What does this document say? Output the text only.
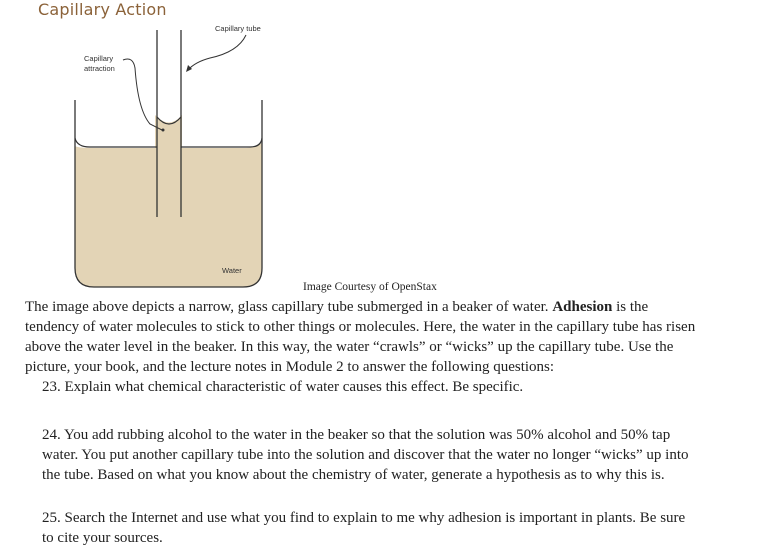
Capillary Action
Capillary tube
Capillary
attraction
Water
Image Courtesy of OpenStax
The image above depicts a narrow, glass capillary tube submerged in a beaker of water. Adhesion is the
tendency of water molecules to stick to other things or molecules. Here, the water in the capillary tube has risen
above the water level in the beaker. In this way, the water “crawls” or “wicks” up the capillary tube. Use the
picture, your book, and the lecture notes in Module 2 to answer the following questions:
23. Explain what chemical characteristic of water causes this effect. Be specific.
24. You add rubbing alcohol to the water in the beaker so that the solution was 50% alcohol and 50% tap
water. You put another capillary tube into the solution and discover that the water no longer “wicks” up into
the tube. Based on what you know about the chemistry of water, generate a hypothesis as to why this is.
25. Search the Internet and use what you find to explain to me why adhesion is important in plants. Be sure
to cite your sources.
